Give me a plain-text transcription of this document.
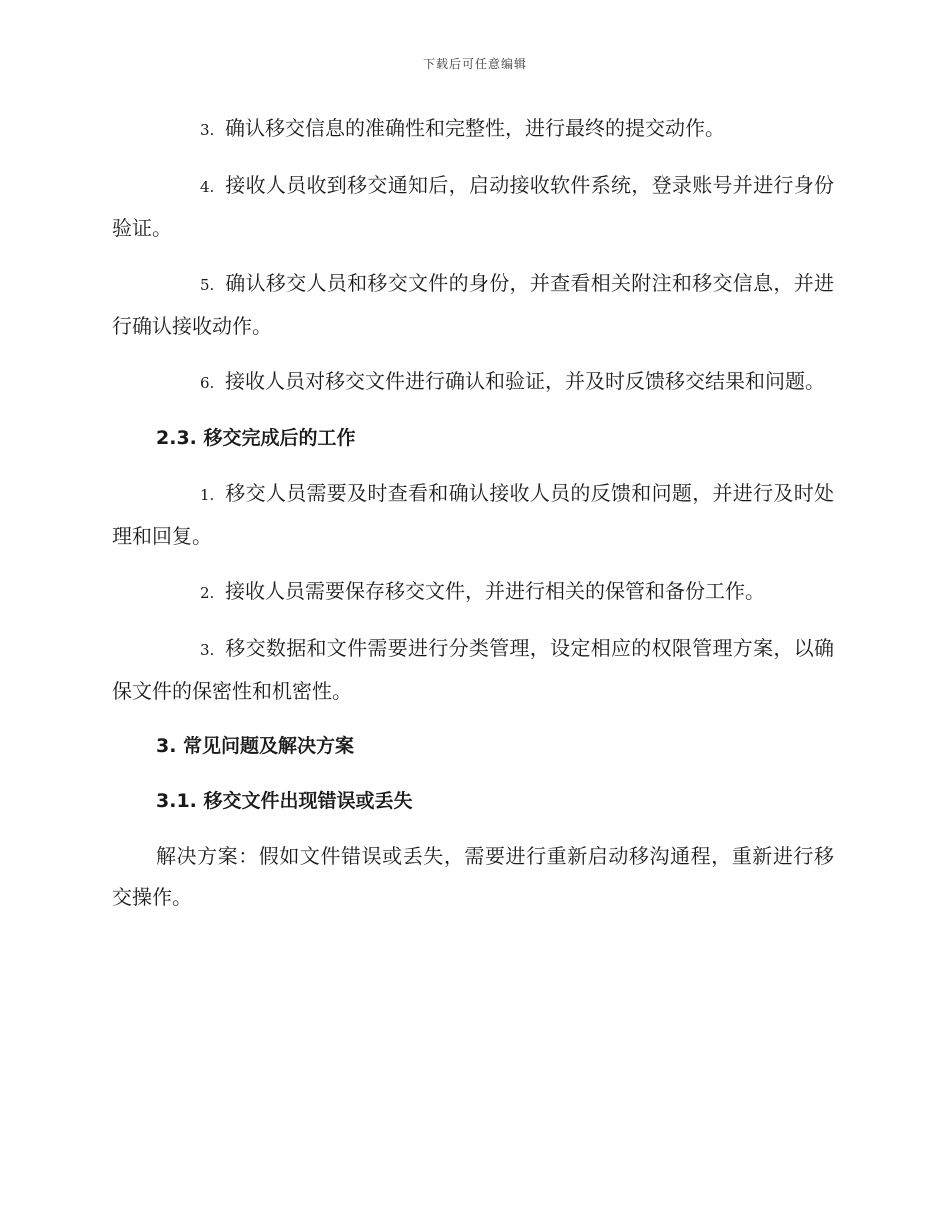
下载后可任意编辑

3. 确认移交信息的准确性和完整性，进行最终的提交动作。

4. 接收人员收到移交通知后，启动接收软件系统，登录账号并进行身份验证。

5. 确认移交人员和移交文件的身份，并查看相关附注和移交信息，并进行确认接收动作。

6. 接收人员对移交文件进行确认和验证，并及时反馈移交结果和问题。

2.3. 移交完成后的工作

1. 移交人员需要及时查看和确认接收人员的反馈和问题，并进行及时处理和回复。

2. 接收人员需要保存移交文件，并进行相关的保管和备份工作。

3. 移交数据和文件需要进行分类管理，设定相应的权限管理方案，以确保文件的保密性和机密性。

3. 常见问题及解决方案

3.1. 移交文件出现错误或丢失

解决方案：假如文件错误或丢失，需要进行重新启动移沟通程，重新进行移交操作。
